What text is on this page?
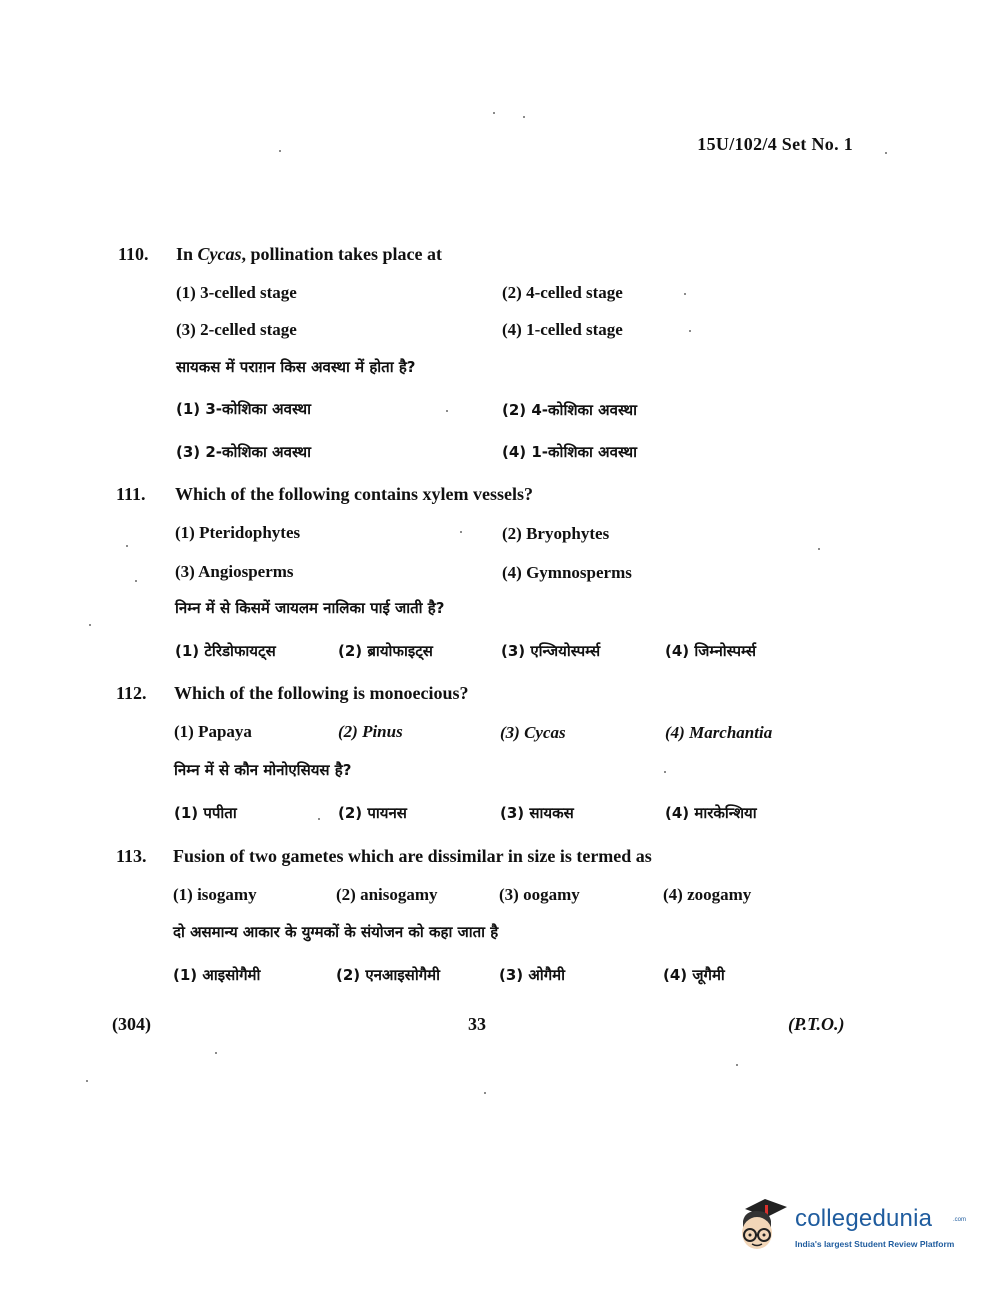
15U/102/4 Set No. 1
110. In Cycas, pollination takes place at
(1) 3-celled stage	(2) 4-celled stage
(3) 2-celled stage	(4) 1-celled stage
सायकस में पराग़न किस अवस्था में होता है?
(1) 3-कोशिका अवस्था	(2) 4-कोशिका अवस्था
(3) 2-कोशिका अवस्था	(4) 1-कोशिका अवस्था
111. Which of the following contains xylem vessels?
(1) Pteridophytes	(2) Bryophytes
(3) Angiosperms	(4) Gymnosperms
निम्न में से किसमें जायलम नालिका पाई जाती है?
(1) टेरिडोफायट्स	(2) ब्रायोफाइट्स	(3) एन्जियोस्पर्म्स	(4) जिम्नोस्पर्म्स
112. Which of the following is monoecious?
(1) Papaya	(2) Pinus	(3) Cycas	(4) Marchantia
निम्न में से कौन मोनोएसियस है?
(1) पपीता	(2) पायनस	(3) सायकस	(4) मारकेन्शिया
113. Fusion of two gametes which are dissimilar in size is termed as
(1) isogamy	(2) anisogamy	(3) oogamy	(4) zoogamy
दो असमान्य आकार के युग्मकों के संयोजन को कहा जाता है
(1) आइसोगैमी	(2) एनआइसोगैमी	(3) ओगैमी	(4) जूगैमी
(304)	33	(P.T.O.)
collegedunia	.com
India's largest Student Review Platform
